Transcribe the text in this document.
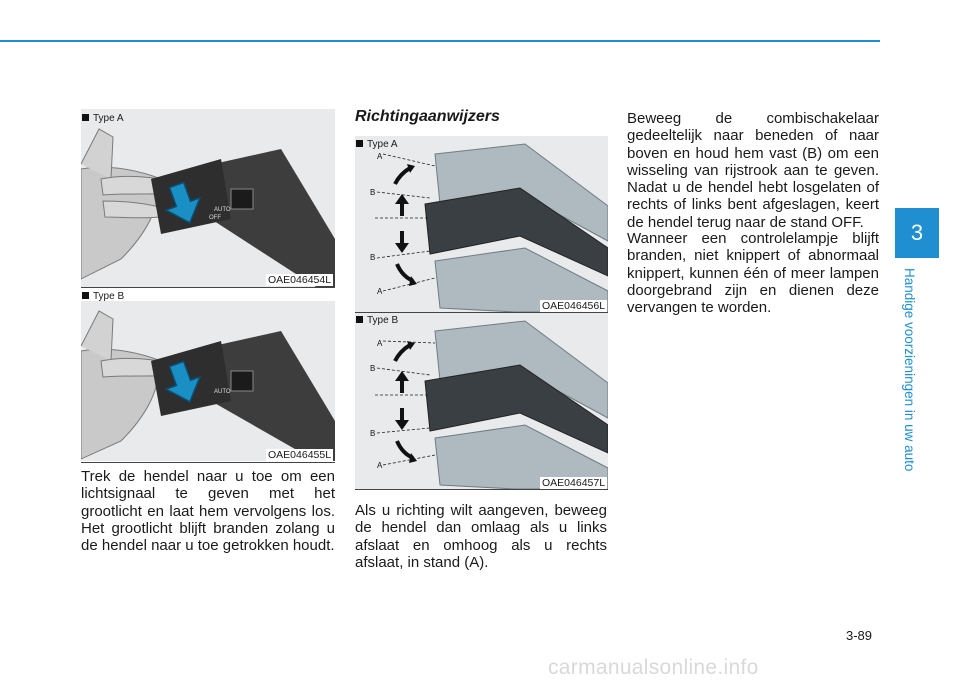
3
Handige voorzieningen in uw auto
Type A
AUTO
OFF
OAE046454L
Type B
AUTO
OAE046455L
Trek de hendel naar u toe om een lichtsignaal te geven met het grootlicht en laat hem vervolgens los. Het grootlicht blijft branden zolang u de hendel naar u toe getrokken houdt.
Richtingaanwijzers
Type A
A
B
B
A
OAE046456L
Type B
A
B
B
A
OAE046457L
Als u richting wilt aangeven, beweeg de hendel dan omlaag als u links afslaat en omhoog als u rechts afslaat, in stand (A).
Beweeg de combischakelaar gedeeltelijk naar beneden of naar boven en houd hem vast (B) om een wisseling van rijstrook aan te geven. Nadat u de hendel hebt losgelaten of rechts of links bent afgeslagen, keert de hendel terug naar de stand OFF.
Wanneer een controlelampje blijft branden, niet knippert of abnormaal knippert, kunnen één of meer lampen doorgebrand zijn en dienen deze vervangen te worden.
3-89
carmanualsonline.info
